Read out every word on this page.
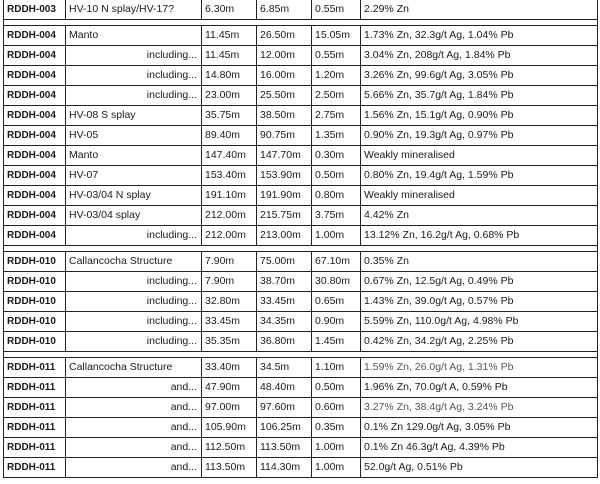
RDDH-003	HV-10 N splay/HV-17?	6.30m	6.85m	0.55m	2.29% Zn

RDDH-004	Manto	11.45m	26.50m	15.05m	1.73% Zn, 32.3g/t Ag, 1.04% Pb
RDDH-004	including...	11.45m	12.00m	0.55m	3.04% Zn, 208g/t Ag, 1.84% Pb
RDDH-004	including...	14.80m	16.00m	1.20m	3.26% Zn, 99.6g/t Ag, 3.05% Pb
RDDH-004	including...	23.00m	25.50m	2.50m	5.66% Zn, 35.7g/t Ag, 1.84% Pb
RDDH-004	HV-08 S splay	35.75m	38.50m	2.75m	1.56% Zn, 15.1g/t Ag, 0.90% Pb
RDDH-004	HV-05	89.40m	90.75m	1.35m	0.90% Zn, 19.3g/t Ag, 0.97% Pb
RDDH-004	Manto	147.40m	147.70m	0.30m	Weakly mineralised
RDDH-004	HV-07	153.40m	153.90m	0.50m	0.80% Zn, 19.4g/t Ag, 1.59% Pb
RDDH-004	HV-03/04 N splay	191.10m	191.90m	0.80m	Weakly mineralised
RDDH-004	HV-03/04 splay	212.00m	215.75m	3.75m	4.42% Zn
RDDH-004	including...	212.00m	213.00m	1.00m	13.12% Zn, 16.2g/t Ag, 0.68% Pb

RDDH-010	Callancocha Structure	7.90m	75.00m	67.10m	0.35% Zn
RDDH-010	including...	7.90m	38.70m	30.80m	0.67% Zn, 12.5g/t Ag, 0.49% Pb
RDDH-010	including...	32.80m	33.45m	0.65m	1.43% Zn, 39.0g/t Ag, 0.57% Pb
RDDH-010	including...	33.45m	34.35m	0.90m	5.59% Zn, 110.0g/t Ag, 4.98% Pb
RDDH-010	including...	35.35m	36.80m	1.45m	0.42% Zn, 34.2g/t Ag, 2.25% Pb

RDDH-011	Callancocha Structure	33.40m	34.5m	1.10m	1.59% Zn, 26.0g/t Ag, 1.31% Pb
RDDH-011	and...	47.90m	48.40m	0.50m	1.96% Zn, 70.0g/t A, 0.59% Pb
RDDH-011	and...	97.00m	97.60m	0.60m	3.27% Zn, 38.4g/t Ag, 3.24% Pb
RDDH-011	and...	105.90m	106.25m	0.35m	0.1% Zn 129.0g/t Ag, 3.05% Pb
RDDH-011	and...	112.50m	113.50m	1.00m	0.1% Zn 46.3g/t Ag, 4.39% Pb
RDDH-011	and...	113.50m	114.30m	1.00m	52.0g/t Ag, 0.51% Pb
